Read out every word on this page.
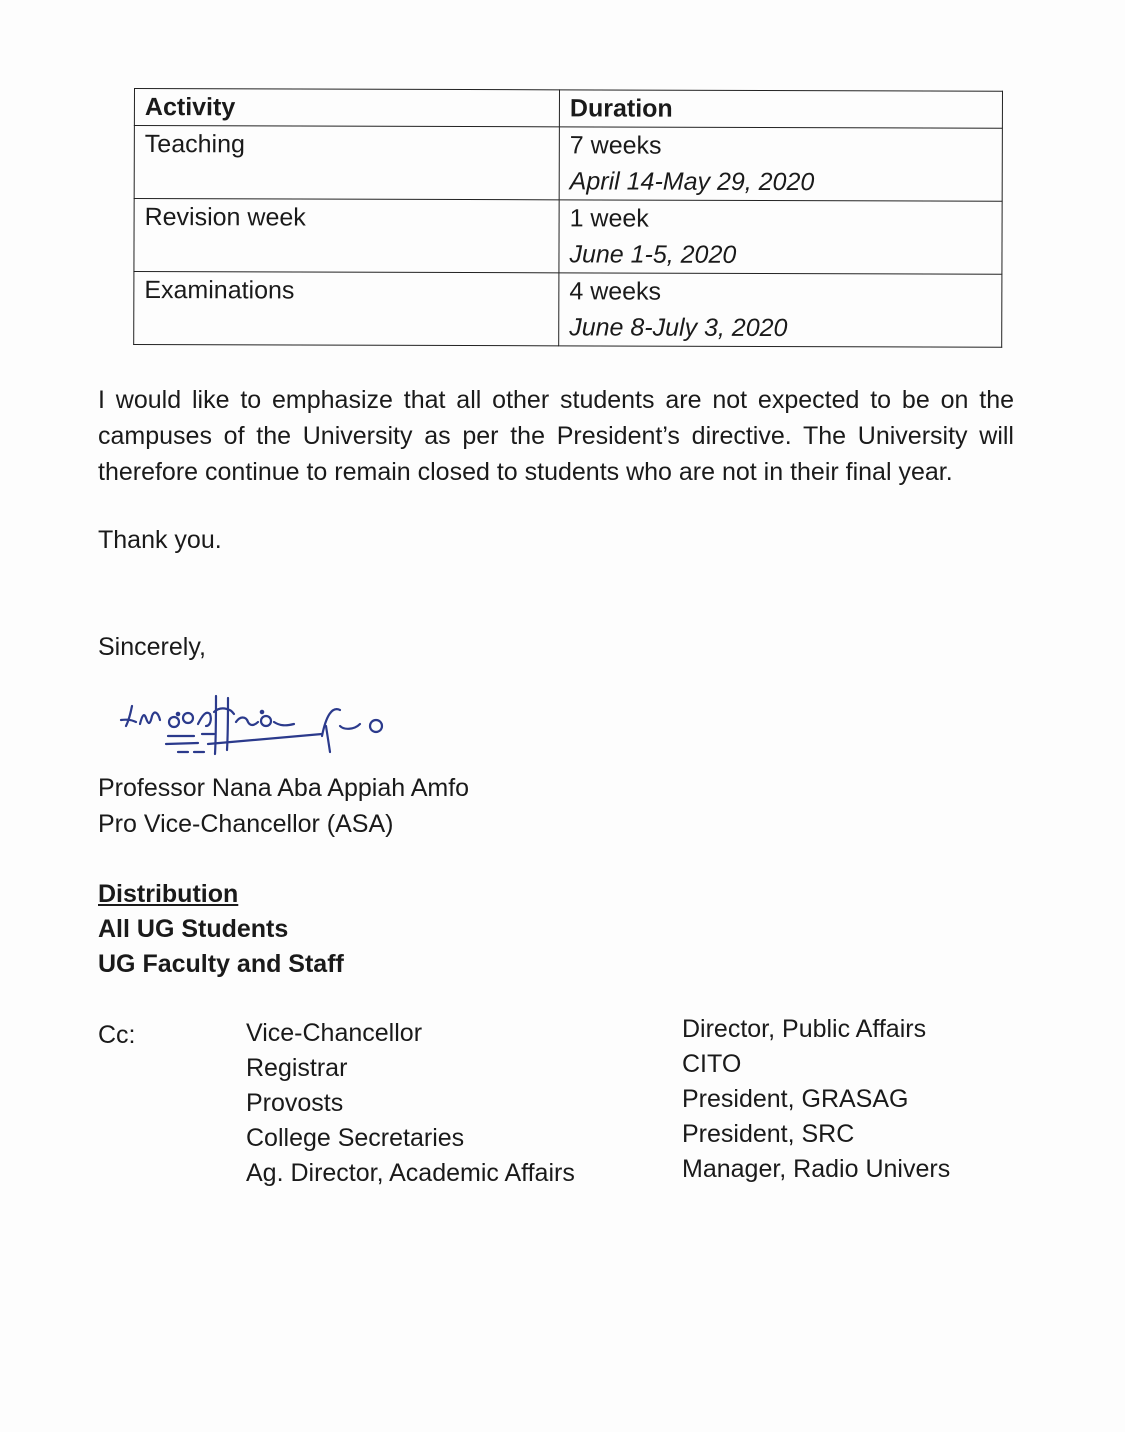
Activity	Duration
Teaching	7 weeks
April 14-May 29, 2020

Revision week	1 week
June 1-5, 2020

Examinations	4 weeks
June 8-July 3, 2020

I would like to emphasize that all other students are not expected to be on the campuses of the University as per the President’s directive. The University will therefore continue to remain closed to students who are not in their final year.

Thank you.
Sincerely,
Professor Nana Aba Appiah Amfo
Pro Vice-Chancellor (ASA)
Distribution
All UG Students
UG Faculty and Staff
Cc:	Vice-Chancellor
Registrar
Provosts
College Secretaries
Ag. Director, Academic Affairs
Director, Public Affairs
CITO
President, GRASAG
President, SRC
Manager, Radio Univers
